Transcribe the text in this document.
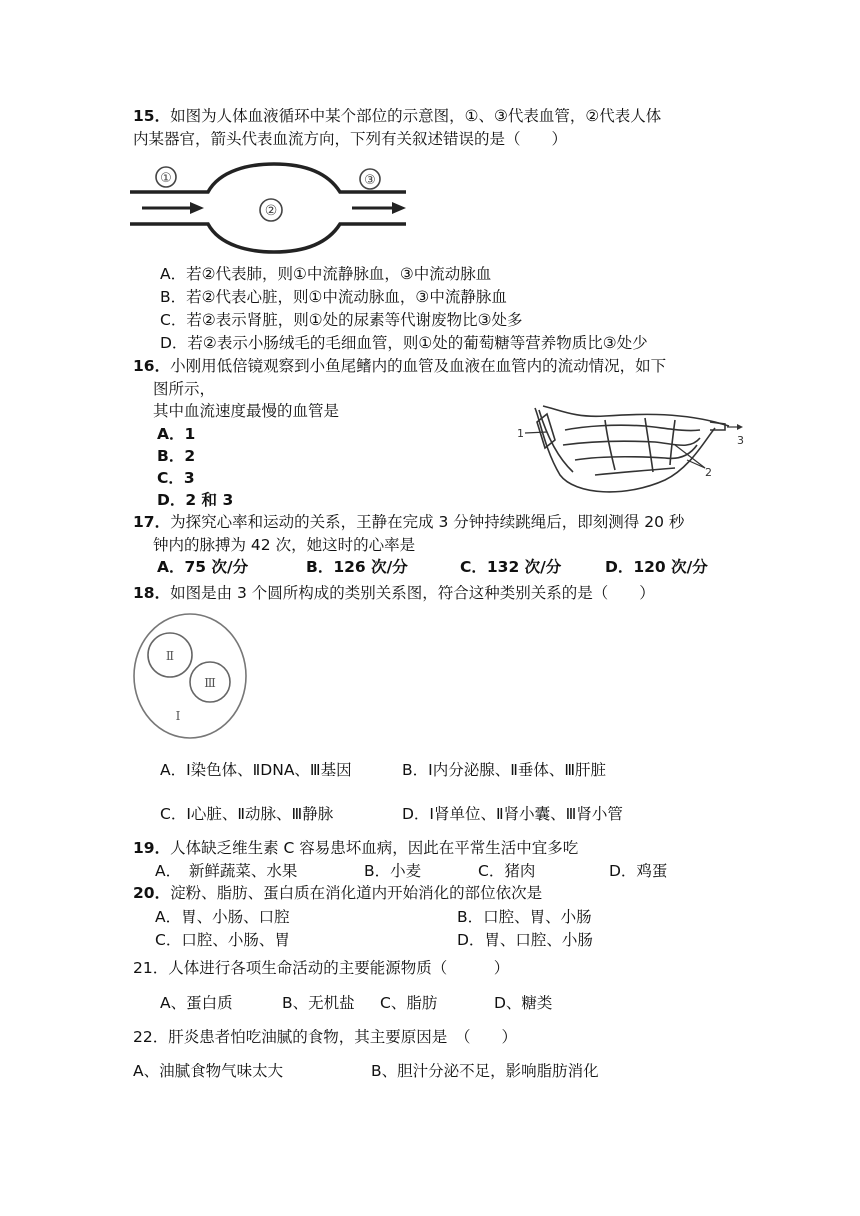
15．如图为人体血液循环中某个部位的示意图，①、③代表血管，②代表人体
内某器官，箭头代表血流方向，下列有关叙述错误的是（　　）
①
②
③
A．若②代表肺，则①中流静脉血，③中流动脉血
B．若②代表心脏，则①中流动脉血，③中流静脉血
C．若②表示肾脏，则①处的尿素等代谢废物比③处多
D．若②表示小肠绒毛的毛细血管，则①处的葡萄糖等营养物质比③处少
16．小刚用低倍镜观察到小鱼尾鳍内的血管及血液在血管内的流动情况，如下
图所示，
其中血流速度最慢的血管是
A．1
B．2
C．3
D．2 和 3
1
2
3
17．为探究心率和运动的关系，王静在完成 3 分钟持续跳绳后，即刻测得 20 秒
钟内的脉搏为 42 次，她这时的心率是
A．75 次/分	B．126 次/分	C．132 次/分	D．120 次/分
18．如图是由 3 个圆所构成的类别关系图，符合这种类别关系的是（　　）
Ⅱ
Ⅲ
Ⅰ
A．Ⅰ染色体、ⅡDNA、Ⅲ基因	B．Ⅰ内分泌腺、Ⅱ垂体、Ⅲ肝脏
C．Ⅰ心脏、Ⅱ动脉、Ⅲ静脉	D．Ⅰ肾单位、Ⅱ肾小囊、Ⅲ肾小管
19．人体缺乏维生素 C 容易患坏血病，因此在平常生活中宜多吃
A．　新鲜蔬菜、水果	B．小麦	C．猪肉	D．鸡蛋
20．淀粉、脂肪、蛋白质在消化道内开始消化的部位依次是
A．胃、小肠、口腔	B．口腔、胃、小肠
C．口腔、小肠、胃	D．胃、口腔、小肠
21．人体进行各项生命活动的主要能源物质（　　　）
A、蛋白质	B、无机盐 C、脂肪	D、糖类
22．肝炎患者怕吃油腻的食物，其主要原因是　（　　）
A、油腻食物气味太大	B、胆汁分泌不足，影响脂肪消化
